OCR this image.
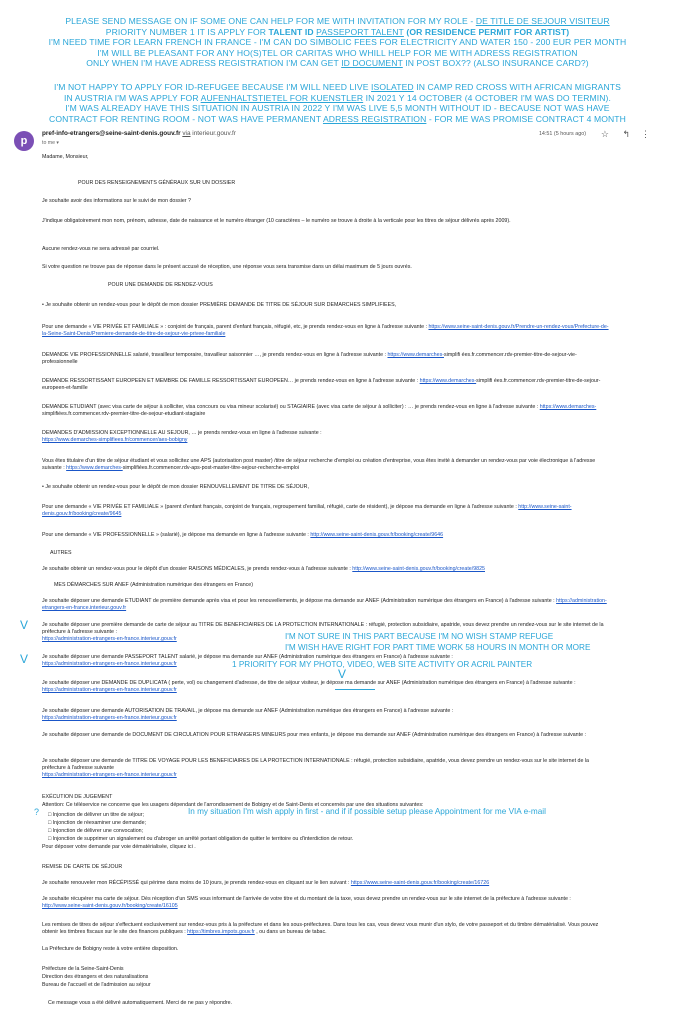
PLEASE SEND MESSAGE ON IF SOME ONE CAN HELP FOR ME WITH INVITATION FOR MY ROLE - DE TITLE DE SEJOUR VISITEUR
PRIORITY NUMBER 1 IT IS APPLY FOR TALENT ID PASSEPORT TALENT (OR RESIDENCE PERMIT FOR ARTIST)
I'M NEED TIME FOR LEARN FRENCH IN FRANCE - I'M CAN DO SIMBOLIC FEES FOR ELECTRICITY AND WATER 150 - 200 EUR PER MONTH
I'M WILL BE PLEASANT FOR ANY HO(S)TEL OR CARITAS WHO WHILL HELP FOR ME WITH ADRESS REGISTRATION
ONLY WHEN I'M HAVE ADRESS REGISTRATION I'M CAN GET ID DOCUMENT IN POST BOX?? (ALSO INSURANCE CARD?)
I'M NOT HAPPY TO APPLY FOR ID-REFUGEE BECAUSE I'M WILL NEED LIVE ISOLATED IN CAMP RED CROSS WITH AFRICAN MIGRANTS
IN AUSTRIA I'M WAS APPLY FOR AUFENHALTSTIETEL FOR KUENSTLER IN 2021 Y 14 OCTOBER (4 OCTOBER I'M WAS DO TERMIN).
I'M WAS ALREADY HAVE THIS SITUATION IN AUSTRIA IN 2022 Y I'M WAS LIVE 5,5 MONTH WITHOUT ID - BECAUSE NOT WAS HAVE
CONTRACT FOR RENTING ROOM - NOT WAS HAVE PERMANENT ADRESS REGISTRATION - FOR ME WAS PROMISE CONTRACT 4 MONTH
p
pref-info-etrangers@seine-saint-denis.gouv.fr via interieur.gouv.fr
to me ▾
14:51 (5 hours ago) ☆ ↰ ⋮

Madame, Monsieur,

POUR DES RENSEIGNEMENTS GÉNÉRAUX SUR UN DOSSIER

Je souhaite avoir des informations sur le suivi de mon dossier ?

J'indique obligatoirement mon nom, prénom, adresse, date de naissance et le numéro étranger (10 caractères – le numéro se trouve à droite à la verticale pour les titres de séjour délivrés après 2009).

Aucune rendez-vous ne sera adressé par courriel.

Si votre question ne trouve pas de réponse dans le présent accusé de réception, une réponse vous sera transmise dans un délai maximum de 5 jours ouvrés.

POUR UNE DEMANDE DE RENDEZ-VOUS

• Je souhaite obtenir un rendez-vous pour le dépôt de mon dossier PREMIÈRE DEMANDE DE TITRE DE SÉJOUR SUR DEMARCHES SIMPLIFIEES,

Pour une demande « VIE PRIVÉE ET FAMILIALE » : conjoint de français, parent d'enfant français, réfugié, etc, je prends rendez-vous en ligne à l'adresse suivante : https://www.seine-saint-denis.gouv.fr/Prendre-un-rendez-vous/Prefecture-de-la-Seine-Saint-Denis/Premiere-demande-de-titre-de-sejour-vie-privee-familiale

DEMANDE VIE PROFESSIONNELLE salarié, travailleur temporaire, travailleur saisonnier …, je prends rendez-vous en ligne à l'adresse suivante : https://www.demarches-simplifi ées.fr.commencer.rdv-premier-titre-de-sejour-vie-professionnelle

DEMANDE RESSORTISSANT EUROPEEN ET MEMBRE DE FAMILLE RESSORTISSANT EUROPEEN… je prends rendez-vous en ligne à l'adresse suivante : https://www.demarches-simplifi ées.fr.commencer.rdv-premier-titre-de-sejour-europeen-et-famille

DEMANDE ETUDIANT (avec visa carte de séjour à solliciter, visa concours ou visa mineur scolarisé) ou STAGIAIRE (avec visa carte de séjour à solliciter) : … je prends rendez-vous en ligne à l'adresse suivante : https://www.demarches-simplifiées.fr.commencer.rdv-premier-titre-de-sejour-etudiant-stagiaire

DEMANDES D'ADMISSION EXCEPTIONNELLE AU SEJOUR, … je prends rendez-vous en ligne à l'adresse suivante :
https://www.demarches-simplifiees.fr/commencer/aes-bobigny

Vous êtes titulaire d'un titre de séjour étudiant et vous sollicitez une APS (autorisation post master) /titre de séjour recherche d'emploi ou création d'entreprise, vous êtes invité à demander un rendez-vous par voie électronique à l'adresse suivante : https://www.demarches-simplifiées.fr.commencer.rdv-aps-post-master-titre-sejour-recherche-emploi

• Je souhaite obtenir un rendez-vous pour le dépôt de mon dossier RENOUVELLEMENT DE TITRE DE SÉJOUR,

Pour une demande « VIE PRIVÉE ET FAMILIALE » (parent d'enfant français, conjoint de français, regroupement familial, réfugié, carte de résident), je dépose ma demande en ligne à l'adresse suivante : http://www.seine-saint-denis.gouv.fr/booking/create/9645

Pour une demande « VIE PROFESSIONNELLE » (salarié), je dépose ma demande en ligne à l'adresse suivante : http://www.seine-saint-denis.gouv.fr/booking/create/9646

AUTRES

Je souhaite obtenir un rendez-vous pour le dépôt d'un dossier RAISONS MÉDICALES, je prends rendez-vous à l'adresse suivante : http://www.seine-saint-denis.gouv.fr/booking/create/9825

MES DÉMARCHES SUR ANEF (Administration numérique des étrangers en France)

Je souhaite déposer une demande ETUDIANT de première demande après visa et pour les renouvellements, je dépose ma demande sur ANEF (Administration numérique des étrangers en France) à l'adresse suivante : https://administration-etrangers-en-france.interieur.gouv.fr

Je souhaite déposer une première demande de carte de séjour au TITRE DE BENEFICIAIRES DE LA PROTECTION INTERNATIONALE : réfugié, protection subsidiaire, apatride, vous devez prendre un rendez-vous sur le site internet de la préfecture à l'adresse suivante :
https://administration-etrangers-en-france.interieur.gouv.fr

Je souhaite déposer une demande PASSEPORT TALENT salarié, je dépose ma demande sur ANEF (Administration numérique des étrangers en France) à l'adresse suivante :
https://administration-etrangers-en-france.interieur.gouv.fr

Je souhaite déposer une DEMANDE DE DUPLICATA ( perte, vol) ou changement d'adresse, de titre de séjour visiteur, je dépose ma demande sur ANEF (Administration numérique des étrangers en France) à l'adresse suivante : https://administration-etrangers-en-france.interieur.gouv.fr

Je souhaite déposer une demande AUTORISATION DE TRAVAIL, je dépose ma demande sur ANEF (Administration numérique des étrangers en France) à l'adresse suivante :
https://administration-etrangers-en-france.interieur.gouv.fr

Je souhaite déposer une demande de DOCUMENT DE CIRCULATION POUR ETRANGERS MINEURS pour mes enfants, je dépose ma demande sur ANEF (Administration numérique des étrangers en France) à l'adresse suivante :

Je souhaite déposer une demande de TITRE DE VOYAGE POUR LES BENEFICIAIRES DE LA PROTECTION INTERNATIONALE : réfugié, protection subsidiaire, apatride, vous devez prendre un rendez-vous sur le site internet de la préfecture à l'adresse suivante
https://administration-etrangers-en-france.interieur.gouv.fr

EXÉCUTION DE JUGEMENT

Attention: Ce téléservice ne concerne que les usagers dépendant de l'arrondissement de Bobigny et de Saint-Denis et concernés par une des situations suivantes:

□ Injonction de délivrer un titre de séjour;

□ Injonction de réexaminer une demande;

□ Injonction de délivrer une convocation;

□ Injonction de supprimer un signalement ou d'abroger un arrêté portant obligation de quitter le territoire ou d'interdiction de retour.

Pour déposer votre demande par voie dématérialisée, cliquez ici .

REMISE DE CARTE DE SÉJOUR

Je souhaite renouveler mon RÉCÉPISSÉ qui périme dans moins de 10 jours, je prends rendez-vous en cliquant sur le lien suivant : https://www.seine-saint-denis.gouv.fr/booking/create/16726

Je souhaite récupérer ma carte de séjour. Dès réception d'un SMS vous informant de l'arrivée de votre titre et du montant de la taxe, vous devez prendre un rendez-vous sur le site internet de la préfecture à l'adresse suivante : http://www.seine-saint-denis.gouv.fr/booking/create/16105

Les remises de titres de séjour s'effectuent exclusivement sur rendez-vous pris à la préfecture et dans les sous-préfectures. Dans tous les cas, vous devez vous munir d'un stylo, de votre passeport et du timbre dématérialisé. Vous pouvez obtenir les timbres fiscaux sur le site des finances publiques : https://timbres.impots.gouv.fr , ou dans un bureau de tabac.

La Préfecture de Bobigny reste à votre entière disposition.

Préfecture de la Seine-Saint-Denis

Direction des étrangers et des naturalisations

Bureau de l'accueil et de l'admission au séjour

Ce message vous a été délivré automatiquement. Merci de ne pas y répondre.

V
V
V
I'M NOT SURE IN THIS PART BECAUSE I'M NO WISH STAMP REFUGE
I'M WISH HAVE RIGHT FOR PART TIME WORK 58 HOURS IN MONTH OR MORE
1 PRIORITY FOR MY PHOTO, VIDEO, WEB SITE ACTIVITY OR ACRIL PAINTER
?	In my situation I'm wish apply in first - and if if possible setup please Appointment for me VIA e-mail
